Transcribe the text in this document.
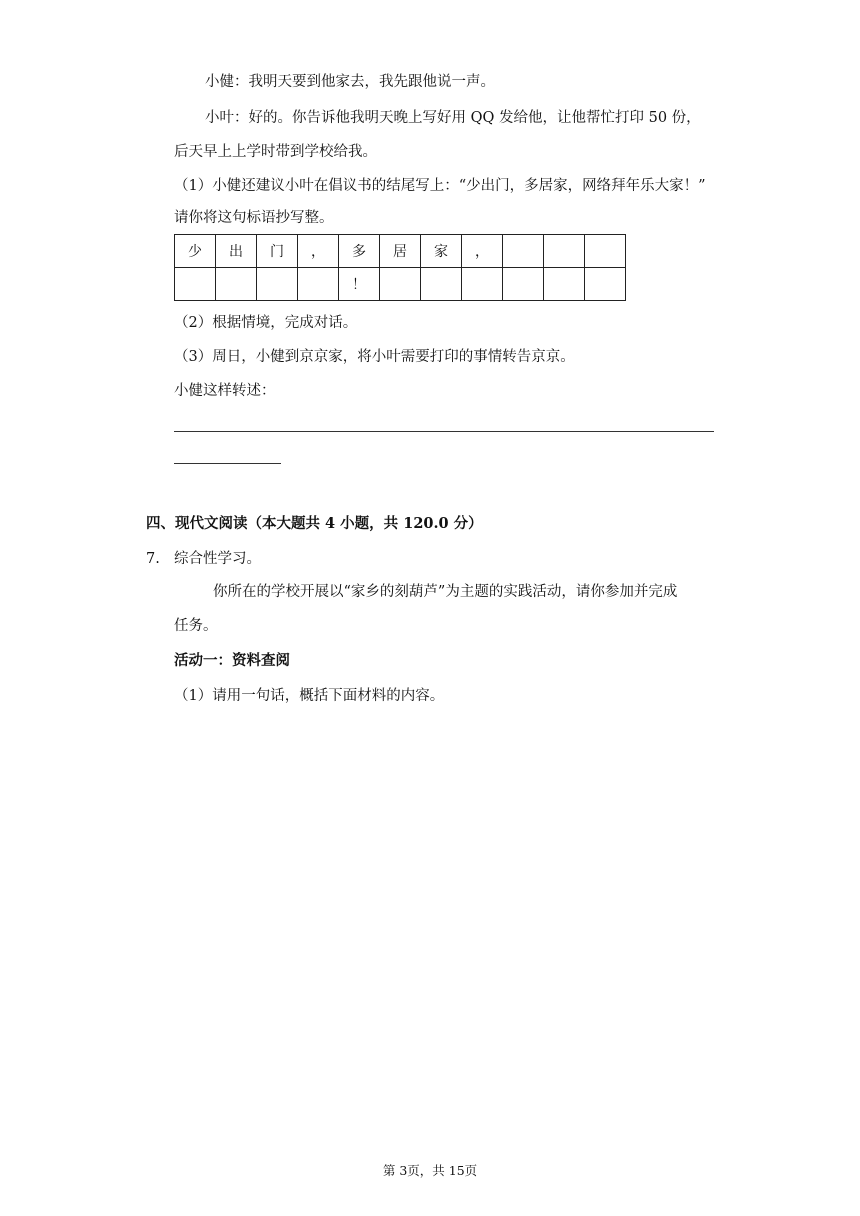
小健：我明天要到他家去，我先跟他说一声。
小叶：好的。你告诉他我明天晚上写好用 QQ 发给他，让他帮忙打印 50 份，
后天早上上学时带到学校给我。
（1）小健还建议小叶在倡议书的结尾写上：“少出门，多居家，网络拜年乐大家！”
请你将这句标语抄写整。
少	出	门	，	多	居	家	，			
				！						
（2）根据情境，完成对话。
（3）周日，小健到京京家，将小叶需要打印的事情转告京京。
小健这样转述：
四、现代文阅读（本大题共 4 小题，共 120.0 分）
7. 综合性学习。
你所在的学校开展以“家乡的刻葫芦”为主题的实践活动，请你参加并完成
任务。
活动一：资料查阅
（1）请用一句话，概括下面材料的内容。
第 3页，共 15页
